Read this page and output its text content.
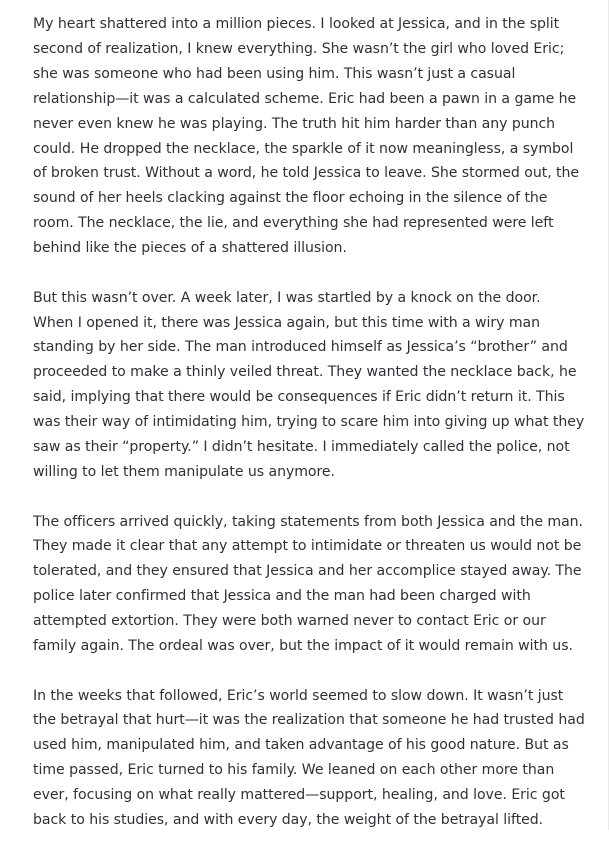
My heart shattered into a million pieces. I looked at Jessica, and in the split second of realization, I knew everything. She wasn’t the girl who loved Eric; she was someone who had been using him. This wasn’t just a casual relationship—it was a calculated scheme. Eric had been a pawn in a game he never even knew he was playing. The truth hit him harder than any punch could. He dropped the necklace, the sparkle of it now meaningless, a symbol of broken trust. Without a word, he told Jessica to leave. She stormed out, the sound of her heels clacking against the floor echoing in the silence of the room. The necklace, the lie, and everything she had represented were left behind like the pieces of a shattered illusion.

But this wasn’t over. A week later, I was startled by a knock on the door. When I opened it, there was Jessica again, but this time with a wiry man standing by her side. The man introduced himself as Jessica’s “brother” and proceeded to make a thinly veiled threat. They wanted the necklace back, he said, implying that there would be consequences if Eric didn’t return it. This was their way of intimidating him, trying to scare him into giving up what they saw as their “property.” I didn’t hesitate. I immediately called the police, not willing to let them manipulate us anymore.

The officers arrived quickly, taking statements from both Jessica and the man. They made it clear that any attempt to intimidate or threaten us would not be tolerated, and they ensured that Jessica and her accomplice stayed away. The police later confirmed that Jessica and the man had been charged with attempted extortion. They were both warned never to contact Eric or our family again. The ordeal was over, but the impact of it would remain with us.

In the weeks that followed, Eric’s world seemed to slow down. It wasn’t just the betrayal that hurt—it was the realization that someone he had trusted had used him, manipulated him, and taken advantage of his good nature. But as time passed, Eric turned to his family. We leaned on each other more than ever, focusing on what really mattered—support, healing, and love. Eric got back to his studies, and with every day, the weight of the betrayal lifted.
